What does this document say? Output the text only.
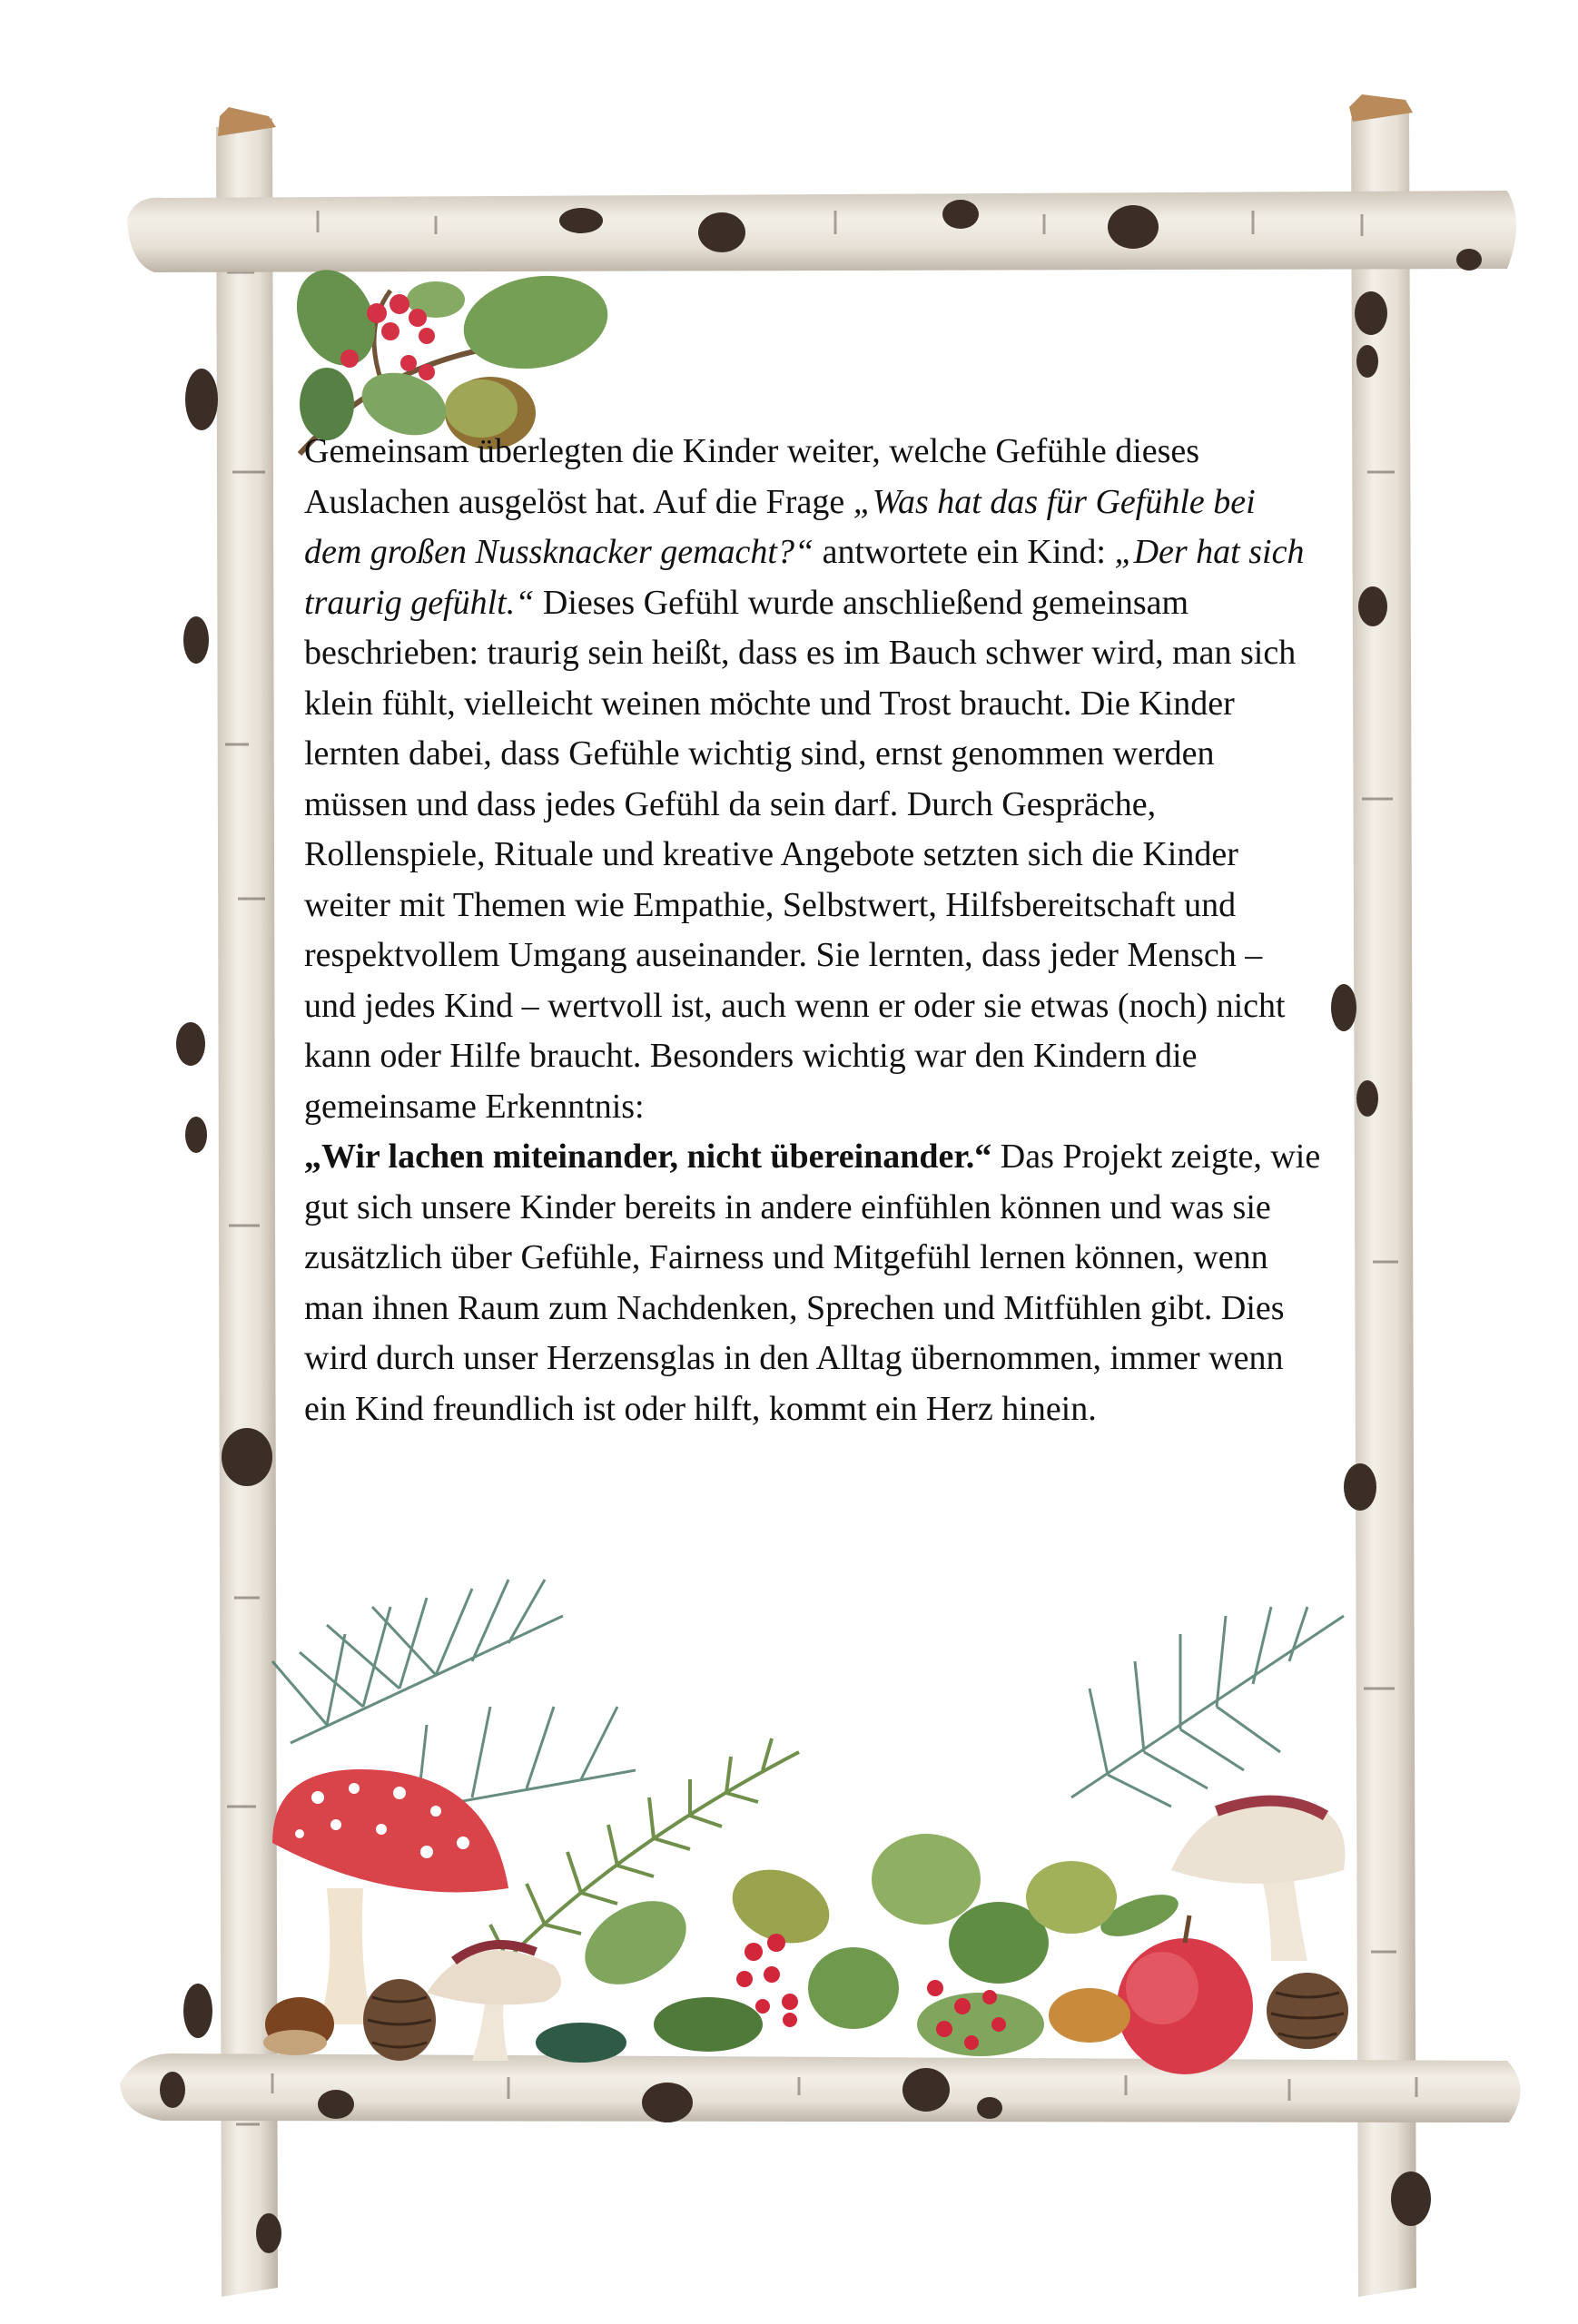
Gemeinsam überlegten die Kinder weiter, welche Gefühle dieses Auslachen ausgelöst hat. Auf die Frage „Was hat das für Gefühle bei dem großen Nussknacker gemacht?“ antwortete ein Kind: „Der hat sich traurig gefühlt.“ Dieses Gefühl wurde anschließend gemeinsam beschrieben: traurig sein heißt, dass es im Bauch schwer wird, man sich klein fühlt, vielleicht weinen möchte und Trost braucht. Die Kinder lernten dabei, dass Gefühle wichtig sind, ernst genommen werden müssen und dass jedes Gefühl da sein darf. Durch Gespräche, Rollenspiele, Rituale und kreative Angebote setzten sich die Kinder weiter mit Themen wie Empathie, Selbstwert, Hilfsbereitschaft und respektvollem Umgang auseinander. Sie lernten, dass jeder Mensch – und jedes Kind – wertvoll ist, auch wenn er oder sie etwas (noch) nicht kann oder Hilfe braucht. Besonders wichtig war den Kindern die gemeinsame Erkenntnis:
„Wir lachen miteinander, nicht übereinander.“ Das Projekt zeigte, wie gut sich unsere Kinder bereits in andere einfühlen können und was sie zusätzlich über Gefühle, Fairness und Mitgefühl lernen können, wenn man ihnen Raum zum Nachdenken, Sprechen und Mitfühlen gibt. Dies wird durch unser Herzensglas in den Alltag übernommen, immer wenn ein Kind freundlich ist oder hilft, kommt ein Herz hinein.
